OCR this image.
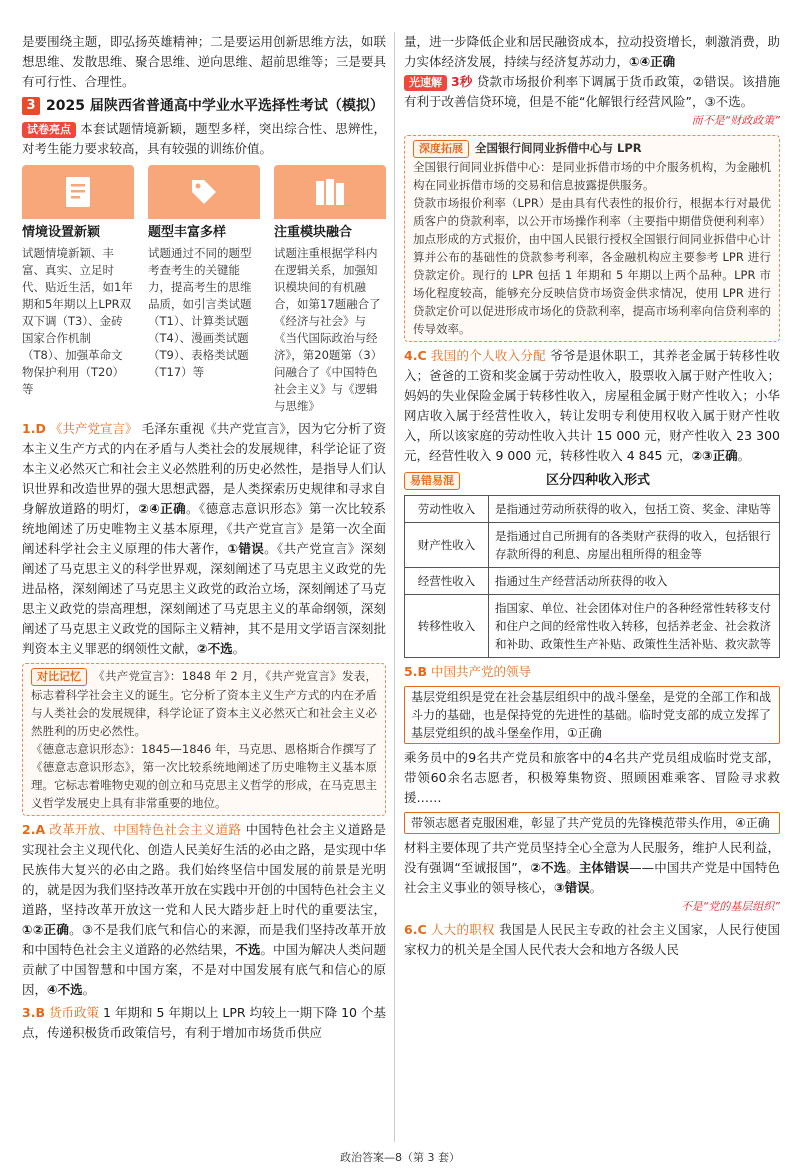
是要围绕主题，即弘扬英雄精神；二是要运用创新思维方法，如联想思维、发散思维、聚合思维、逆向思维、超前思维等；三是要具有可行性、合理性。

3 2025 届陕西省普通高中学业水平选择性考试（模拟）

试卷亮点 本套试题情境新颖，题型多样，突出综合性、思辨性，对考生能力要求较高，具有较强的训练价值。

情境设置新颖
试题情境新颖、丰富、真实、立足时代、贴近生活，如1年期和5年期以上LPR双双下调（T3）、金砖国家合作机制（T8）、加强革命文物保护利用（T20）等
题型丰富多样
试题通过不同的题型考查考生的关键能力，提高考生的思维品质，如引言类试题（T1）、计算类试题（T4）、漫画类试题（T9）、表格类试题（T17）等
注重模块融合
试题注重根据学科内在逻辑关系，加强知识模块间的有机融合，如第17题融合了《经济与社会》与《当代国际政治与经济》，第20题第（3）问融合了《中国特色社会主义》与《逻辑与思维》

1.D 《共产党宣言》 毛泽东重视《共产党宣言》，因为它分析了资本主义生产方式的内在矛盾与人类社会的发展规律，科学论证了资本主义必然灭亡和社会主义必然胜利的历史必然性，是指导人们认识世界和改造世界的强大思想武器，是人类探索历史规律和寻求自身解放道路的明灯，②④正确。《德意志意识形态》第一次比较系统地阐述了历史唯物主义基本原理，《共产党宣言》是第一次全面阐述科学社会主义原理的伟大著作，①错误。《共产党宣言》深刻阐述了马克思主义的科学世界观，深刻阐述了马克思主义政党的先进品格，深刻阐述了马克思主义政党的政治立场，深刻阐述了马克思主义政党的崇高理想，深刻阐述了马克思主义的革命纲领，深刻阐述了马克思主义政党的国际主义精神，其不是用文学语言深刻批判资本主义罪恶的纲领性文献，②不选。

对比记忆 《共产党宣言》：1848 年 2 月，《共产党宣言》发表，标志着科学社会主义的诞生。它分析了资本主义生产方式的内在矛盾与人类社会的发展规律，科学论证了资本主义必然灭亡和社会主义必然胜利的历史必然性。

《德意志意识形态》：1845—1846 年，马克思、恩格斯合作撰写了《德意志意识形态》，第一次比较系统地阐述了历史唯物主义基本原理。它标志着唯物史观的创立和马克思主义哲学的形成，在马克思主义哲学发展史上具有非常重要的地位。

2.A 改革开放、中国特色社会主义道路 中国特色社会主义道路是实现社会主义现代化、创造人民美好生活的必由之路，是实现中华民族伟大复兴的必由之路。我们始终坚信中国发展的前景是光明的，就是因为我们坚持改革开放在实践中开创的中国特色社会主义道路，坚持改革开放这一党和人民大踏步赶上时代的重要法宝，①②正确。③不是我们底气和信心的来源，而是我们坚持改革开放和中国特色社会主义道路的必然结果，不选。中国为解决人类问题贡献了中国智慧和中国方案，不是对中国发展有底气和信心的原因，④不选。

3.B 货币政策 1 年期和 5 年期以上 LPR 均较上一期下降 10 个基点，传递积极货币政策信号，有利于增加市场货币供应

量，进一步降低企业和居民融资成本，拉动投资增长，刺激消费，助力实体经济发展，持续与经济复苏动力，①④正确

光速解 3秒 贷款市场报价利率下调属于货币政策，②错误。该措施有利于改善信贷环境，但是不能“化解银行经营风险”，③不选。

而不是“财政政策”

深度拓展 全国银行间同业拆借中心与 LPR

全国银行间同业拆借中心：是同业拆借市场的中介服务机构，为金融机构在同业拆借市场的交易和信息披露提供服务。

贷款市场报价利率（LPR）是由具有代表性的报价行，根据本行对最优质客户的贷款利率，以公开市场操作利率（主要指中期借贷便利利率）加点形成的方式报价，由中国人民银行授权全国银行间同业拆借中心计算并公布的基础性的贷款参考利率，各金融机构应主要参考 LPR 进行贷款定价。现行的 LPR 包括 1 年期和 5 年期以上两个品种。LPR 市场化程度较高，能够充分反映信贷市场资金供求情况，使用 LPR 进行贷款定价可以促进形成市场化的贷款利率，提高市场利率向信贷利率的传导效率。

4.C 我国的个人收入分配 爷爷是退休职工，其养老金属于转移性收入；爸爸的工资和奖金属于劳动性收入，股票收入属于财产性收入；妈妈的失业保险金属于转移性收入，房屋租金属于财产性收入；小华网店收入属于经营性收入，转让发明专利使用权收入属于财产性收入，所以该家庭的劳动性收入共计 15 000 元，财产性收入 23 300 元，经营性收入 9 000 元，转移性收入 4 845 元，②③正确。

易错易混	区分四种收入形式

劳动性收入	是指通过劳动所获得的收入，包括工资、奖金、津贴等
财产性收入	是指通过自己所拥有的各类财产获得的收入，包括银行存款所得的利息、房屋出租所得的租金等
经营性收入	指通过生产经营活动所获得的收入
转移性收入	指国家、单位、社会团体对住户的各种经常性转移支付和住户之间的经常性收入转移，包括养老金、社会救济和补助、政策性生产补贴、政策性生活补贴、救灾款等

5.B 中国共产党的领导

基层党组织是党在社会基层组织中的战斗堡垒，是党的全部工作和战斗力的基础，也是保持党的先进性的基础。临时党支部的成立发挥了基层党组织的战斗堡垒作用，①正确

乘务员中的9名共产党员和旅客中的4名共产党员组成临时党支部，带领60余名志愿者，积极筹集物资、照顾困难乘客、冒险寻求救援……

带领志愿者克服困难，彰显了共产党员的先锋模范带头作用，④正确

材料主要体现了共产党员坚持全心全意为人民服务，维护人民利益，没有强调“至诚报国”，②不选。主体错误——中国共产党是中国特色社会主义事业的领导核心，③错误。

不是“党的基层组织”

6.C 人大的职权 我国是人民民主专政的社会主义国家，人民行使国家权力的机关是全国人民代表大会和地方各级人民

政治答案—8（第 3 套）
